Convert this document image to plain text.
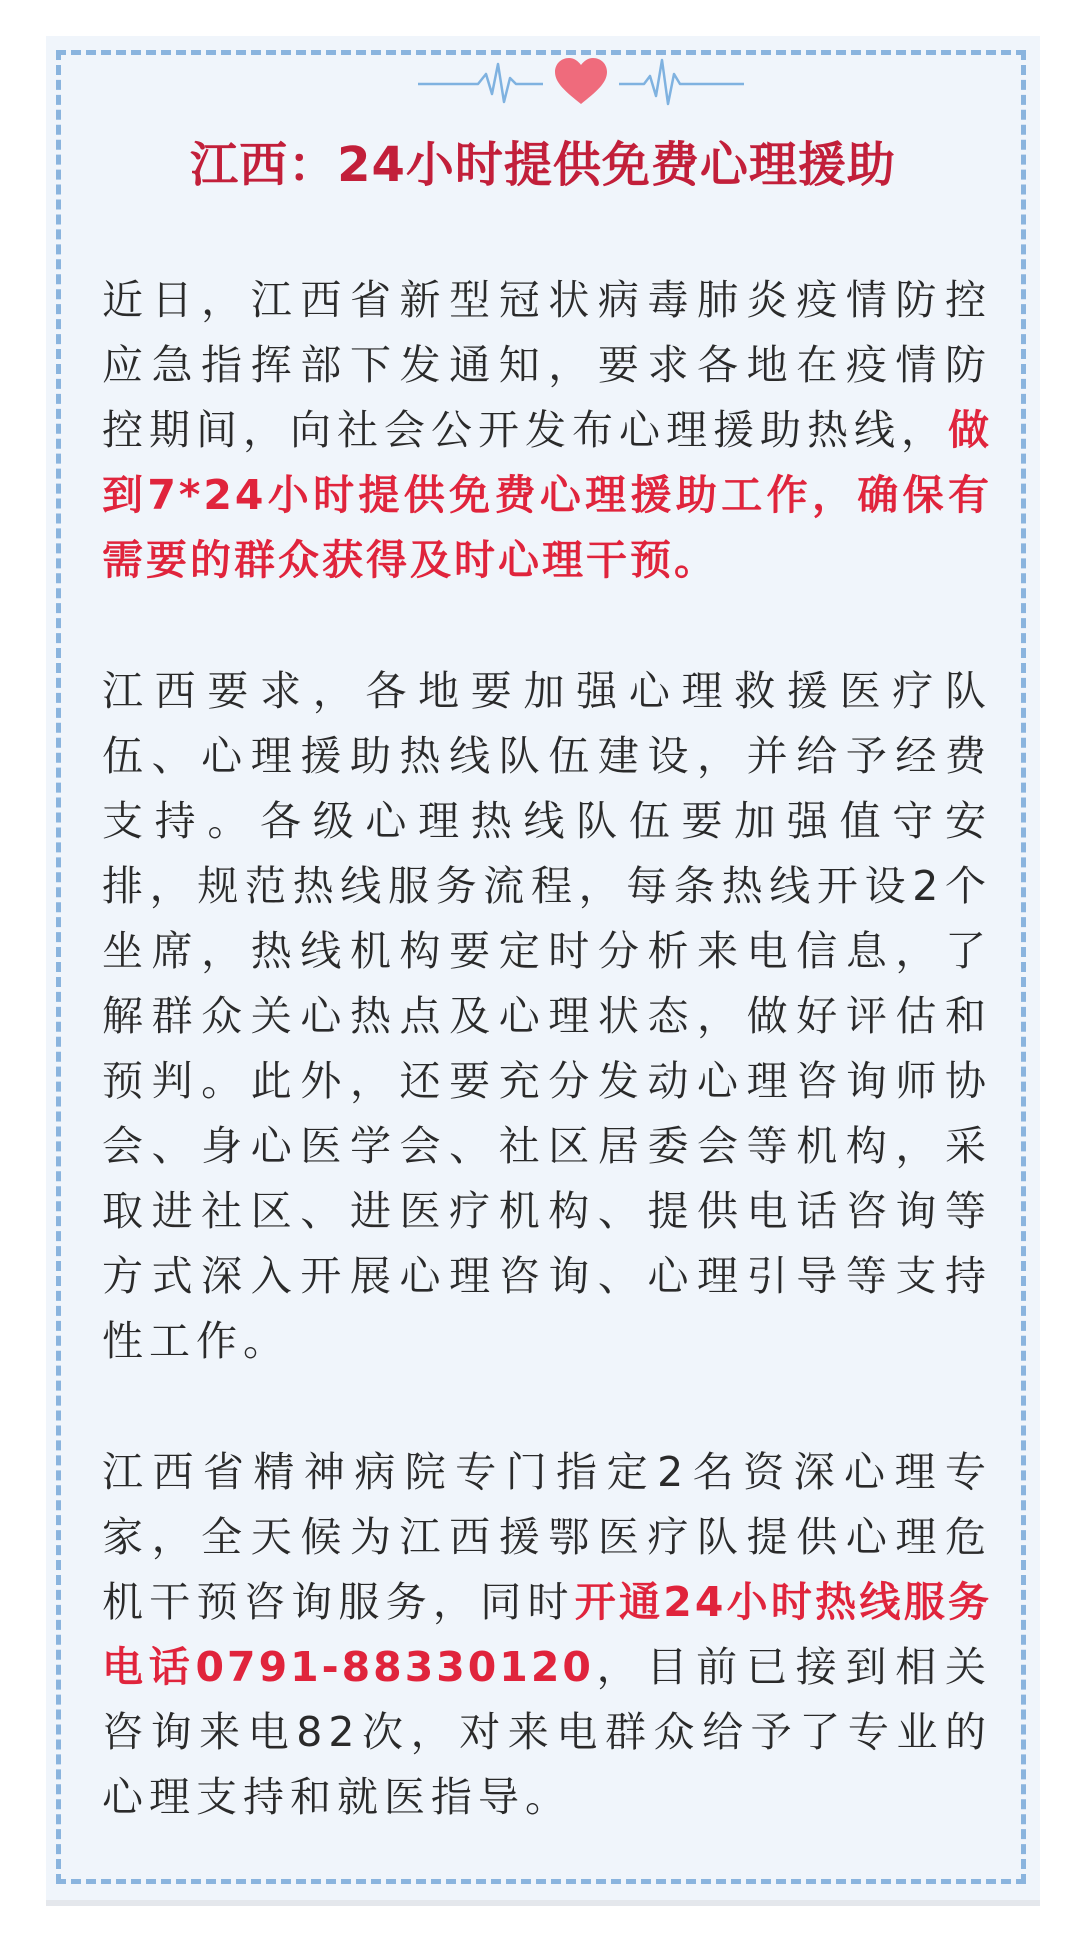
江西：24小时提供免费心理援助

近日，江西省新型冠状病毒肺炎疫情防控应急指挥部下发通知，要求各地在疫情防控期间，向社会公开发布心理援助热线，做到7*24小时提供免费心理援助工作，确保有需要的群众获得及时心理干预。

江西要求，各地要加强心理救援医疗队伍、心理援助热线队伍建设，并给予经费支持。各级心理热线队伍要加强值守安排，规范热线服务流程，每条热线开设2个坐席，热线机构要定时分析来电信息，了解群众关心热点及心理状态，做好评估和预判。此外，还要充分发动心理咨询师协会、身心医学会、社区居委会等机构，采取进社区、进医疗机构、提供电话咨询等方式深入开展心理咨询、心理引导等支持性工作。

江西省精神病院专门指定2名资深心理专家，全天候为江西援鄂医疗队提供心理危机干预咨询服务，同时开通24小时热线服务电话0791-88330120，目前已接到相关咨询来电82次，对来电群众给予了专业的心理支持和就医指导。
